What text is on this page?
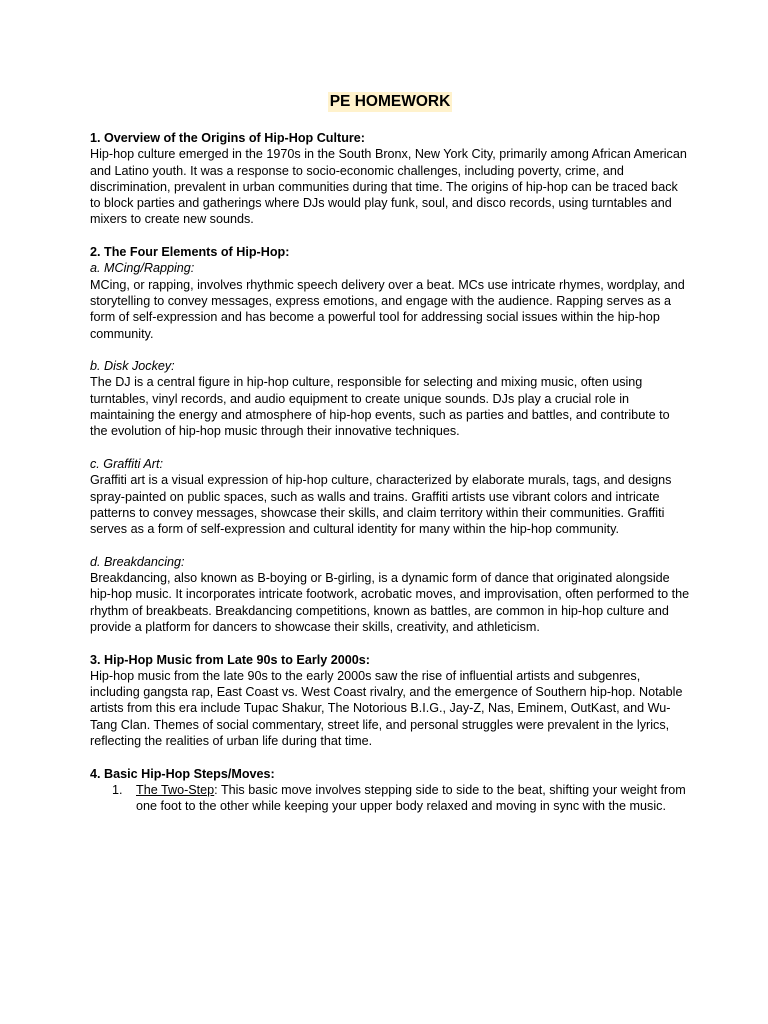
PE HOMEWORK

1. Overview of the Origins of Hip-Hop Culture:

Hip-hop culture emerged in the 1970s in the South Bronx, New York City, primarily among African American and Latino youth. It was a response to socio-economic challenges, including poverty, crime, and discrimination, prevalent in urban communities during that time. The origins of hip-hop can be traced back to block parties and gatherings where DJs would play funk, soul, and disco records, using turntables and mixers to create new sounds.

2. The Four Elements of Hip-Hop:

a. MCing/Rapping:

MCing, or rapping, involves rhythmic speech delivery over a beat. MCs use intricate rhymes, wordplay, and storytelling to convey messages, express emotions, and engage with the audience. Rapping serves as a form of self-expression and has become a powerful tool for addressing social issues within the hip-hop community.

b. Disk Jockey:

The DJ is a central figure in hip-hop culture, responsible for selecting and mixing music, often using turntables, vinyl records, and audio equipment to create unique sounds. DJs play a crucial role in maintaining the energy and atmosphere of hip-hop events, such as parties and battles, and contribute to the evolution of hip-hop music through their innovative techniques.

c. Graffiti Art:

Graffiti art is a visual expression of hip-hop culture, characterized by elaborate murals, tags, and designs spray-painted on public spaces, such as walls and trains. Graffiti artists use vibrant colors and intricate patterns to convey messages, showcase their skills, and claim territory within their communities. Graffiti serves as a form of self-expression and cultural identity for many within the hip-hop community.

d. Breakdancing:

Breakdancing, also known as B-boying or B-girling, is a dynamic form of dance that originated alongside hip-hop music. It incorporates intricate footwork, acrobatic moves, and improvisation, often performed to the rhythm of breakbeats. Breakdancing competitions, known as battles, are common in hip-hop culture and provide a platform for dancers to showcase their skills, creativity, and athleticism.

3. Hip-Hop Music from Late 90s to Early 2000s:

Hip-hop music from the late 90s to the early 2000s saw the rise of influential artists and subgenres, including gangsta rap, East Coast vs. West Coast rivalry, and the emergence of Southern hip-hop. Notable artists from this era include Tupac Shakur, The Notorious B.I.G., Jay-Z, Nas, Eminem, OutKast, and Wu-Tang Clan. Themes of social commentary, street life, and personal struggles were prevalent in the lyrics, reflecting the realities of urban life during that time.

4. Basic Hip-Hop Steps/Moves:

1. The Two-Step: This basic move involves stepping side to side to the beat, shifting your weight from one foot to the other while keeping your upper body relaxed and moving in sync with the music.
